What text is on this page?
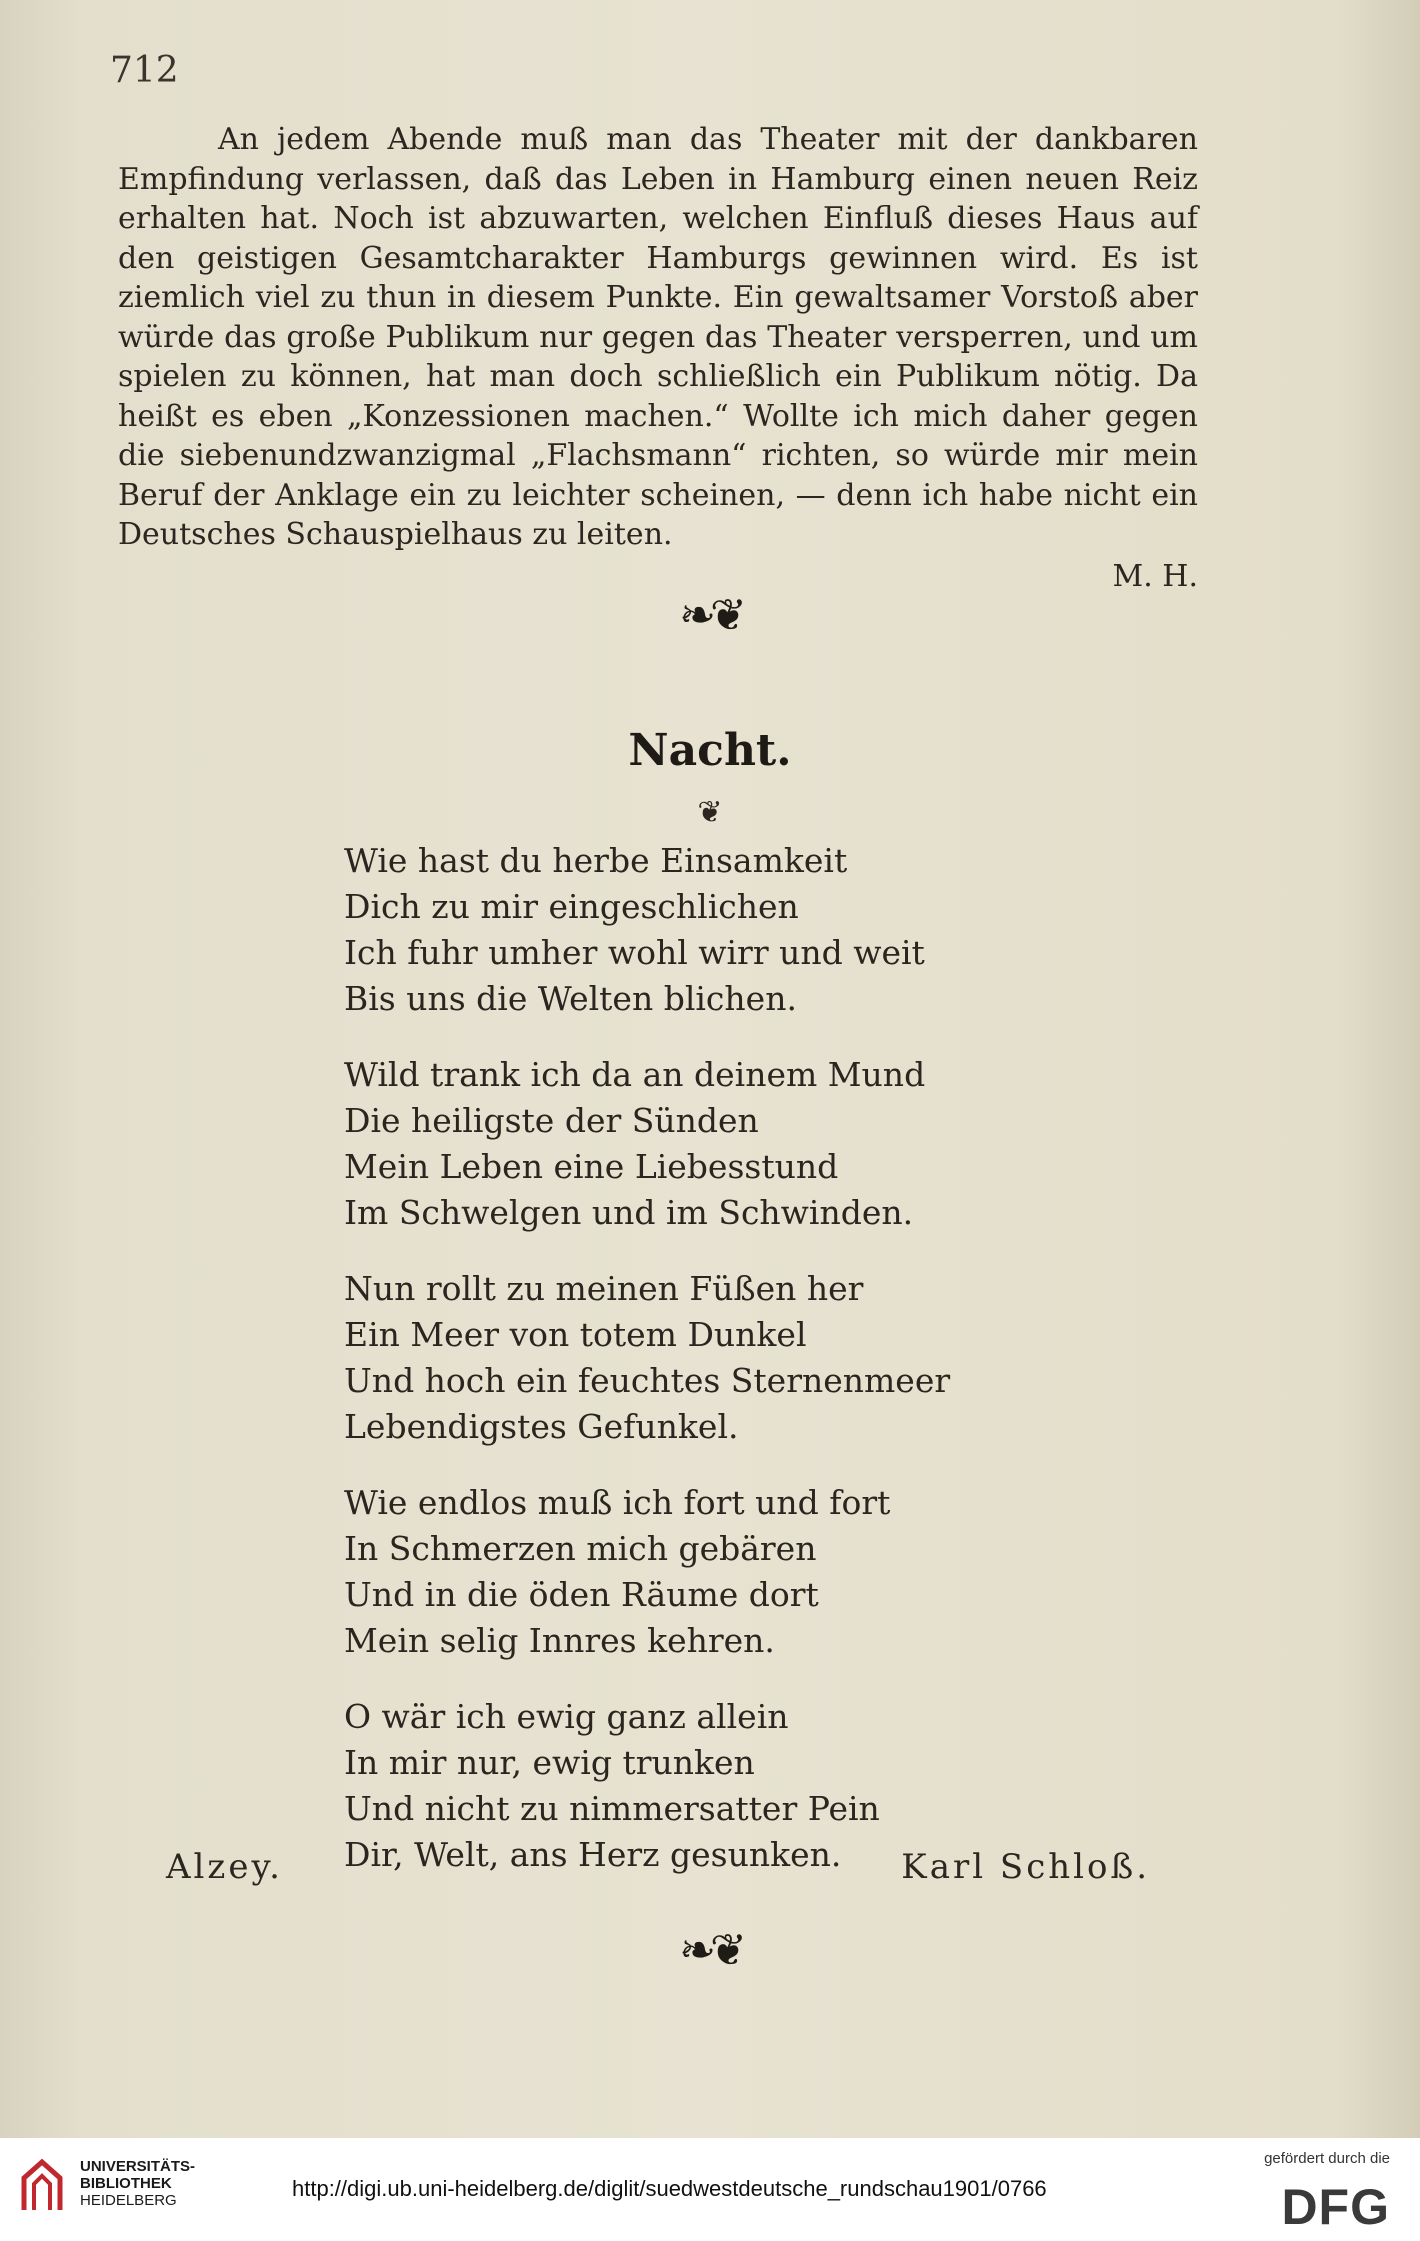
712

An jedem Abende muß man das Theater mit der dankbaren Empfindung verlassen, daß das Leben in Hamburg einen neuen Reiz erhalten hat. Noch ist abzuwarten, welchen Einfluß dieses Haus auf den geistigen Gesamtcharakter Hamburgs gewinnen wird. Es ist ziemlich viel zu thun in diesem Punkte. Ein gewaltsamer Vorstoß aber würde das große Publikum nur gegen das Theater versperren, und um spielen zu können, hat man doch schließlich ein Publikum nötig. Da heißt es eben „Konzessionen machen.“ Wollte ich mich daher gegen die siebenundzwanzigmal „Flachsmann“ richten, so würde mir mein Beruf der Anklage ein zu leichter scheinen, — denn ich habe nicht ein Deutsches Schauspielhaus zu leiten.

M. H.
❧❦
Nacht.
❦
Wie hast du herbe Einsamkeit
Dich zu mir eingeschlichen
Ich fuhr umher wohl wirr und weit
Bis uns die Welten blichen.
Wild trank ich da an deinem Mund
Die heiligste der Sünden
Mein Leben eine Liebesstund
Im Schwelgen und im Schwinden.
Nun rollt zu meinen Füßen her
Ein Meer von totem Dunkel
Und hoch ein feuchtes Sternenmeer
Lebendigstes Gefunkel.
Wie endlos muß ich fort und fort
In Schmerzen mich gebären
Und in die öden Räume dort
Mein selig Innres kehren.
O wär ich ewig ganz allein
In mir nur, ewig trunken
Und nicht zu nimmersatter Pein
Dir, Welt, ans Herz gesunken.
Alzey.	Karl Schloß.
❧❦
UNIVERSITÄTS-
BIBLIOTHEK
HEIDELBERG	http://digi.ub.uni-heidelberg.de/diglit/suedwestdeutsche_rundschau1901/0766
gefördert durch die
DFG
